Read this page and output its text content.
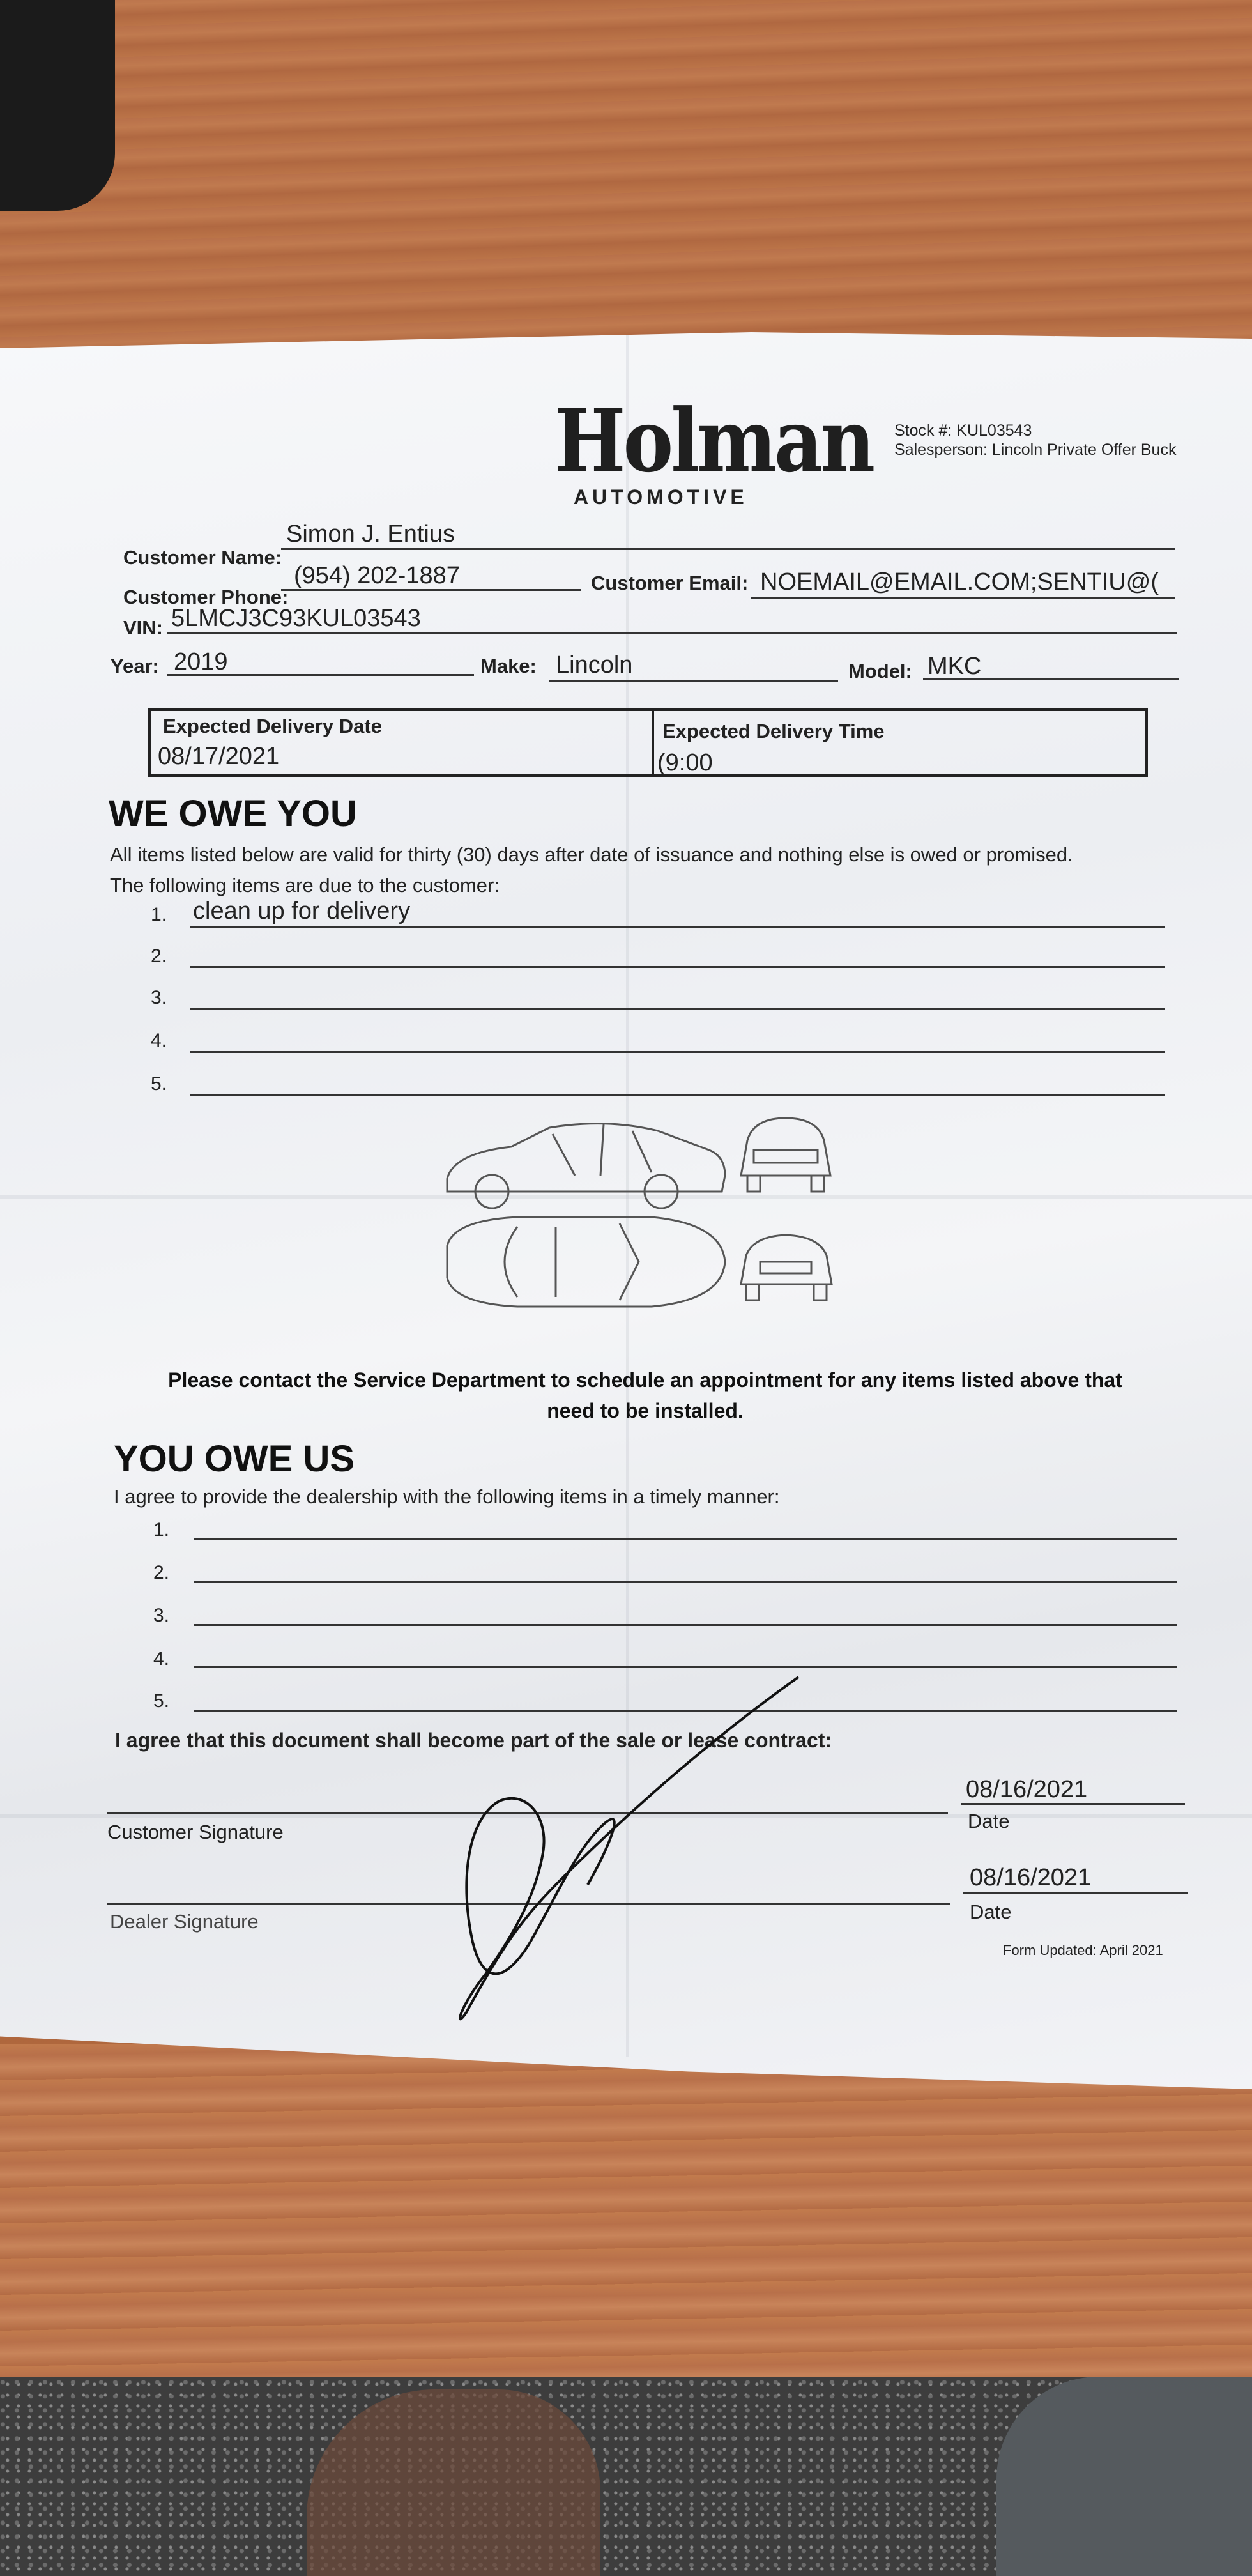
Holman
AUTOMOTIVE
Stock #: KUL03543
Salesperson: Lincoln Private Offer Buck
Customer Name:
Simon J. Entius
Customer Phone:
(954) 202-1887	Customer Email: NOEMAIL@EMAIL.COM;SENTIU@(
VIN: 5LMCJ3C93KUL03543
Year: 2019	Make: Lincoln	Model: MKC
Expected Delivery Date
08/17/2021
Expected Delivery Time
(9:00
WE OWE YOU
All items listed below are valid for thirty (30) days after date of issuance and nothing else is owed or promised.
The following items are due to the customer:
1. clean up for delivery
2.
3.
4.
5.
Please contact the Service Department to schedule an appointment for any items listed above that
need to be installed.
YOU OWE US
I agree to provide the dealership with the following items in a timely manner:
1.
2.
3.
4.
5.
I agree that this document shall become part of the sale or lease contract:
Customer Signature
08/16/2021
Date
Dealer Signature
08/16/2021
Date
Form Updated: April 2021
